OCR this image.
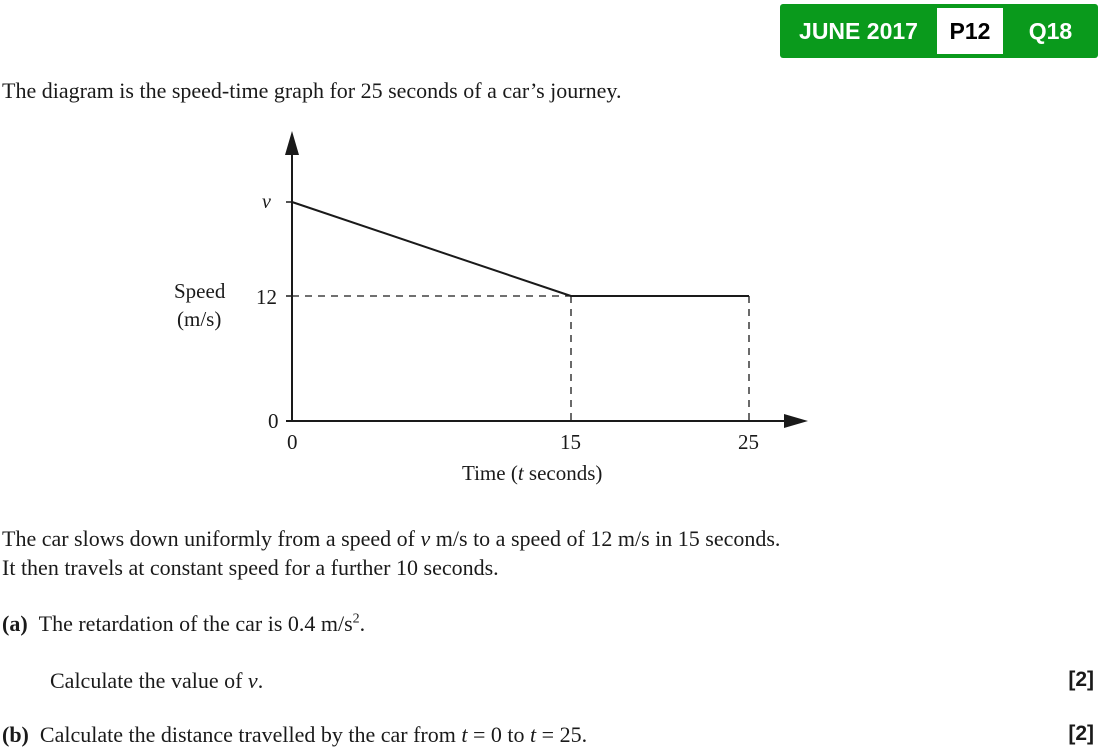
JUNE 2017	P12	Q18
The diagram is the speed-time graph for 25 seconds of a car’s journey.
v
12
0
0	15	25
Speed
(m/s)
Time (t seconds)
The car slows down uniformly from a speed of v m/s to a speed of 12 m/s in 15 seconds.
It then travels at constant speed for a further 10 seconds.
(a) The retardation of the car is 0.4 $m/s^2$.
Calculate the value of v.	[2]
(b) Calculate the distance travelled by the car from t = 0 to t = 25.	[2]
